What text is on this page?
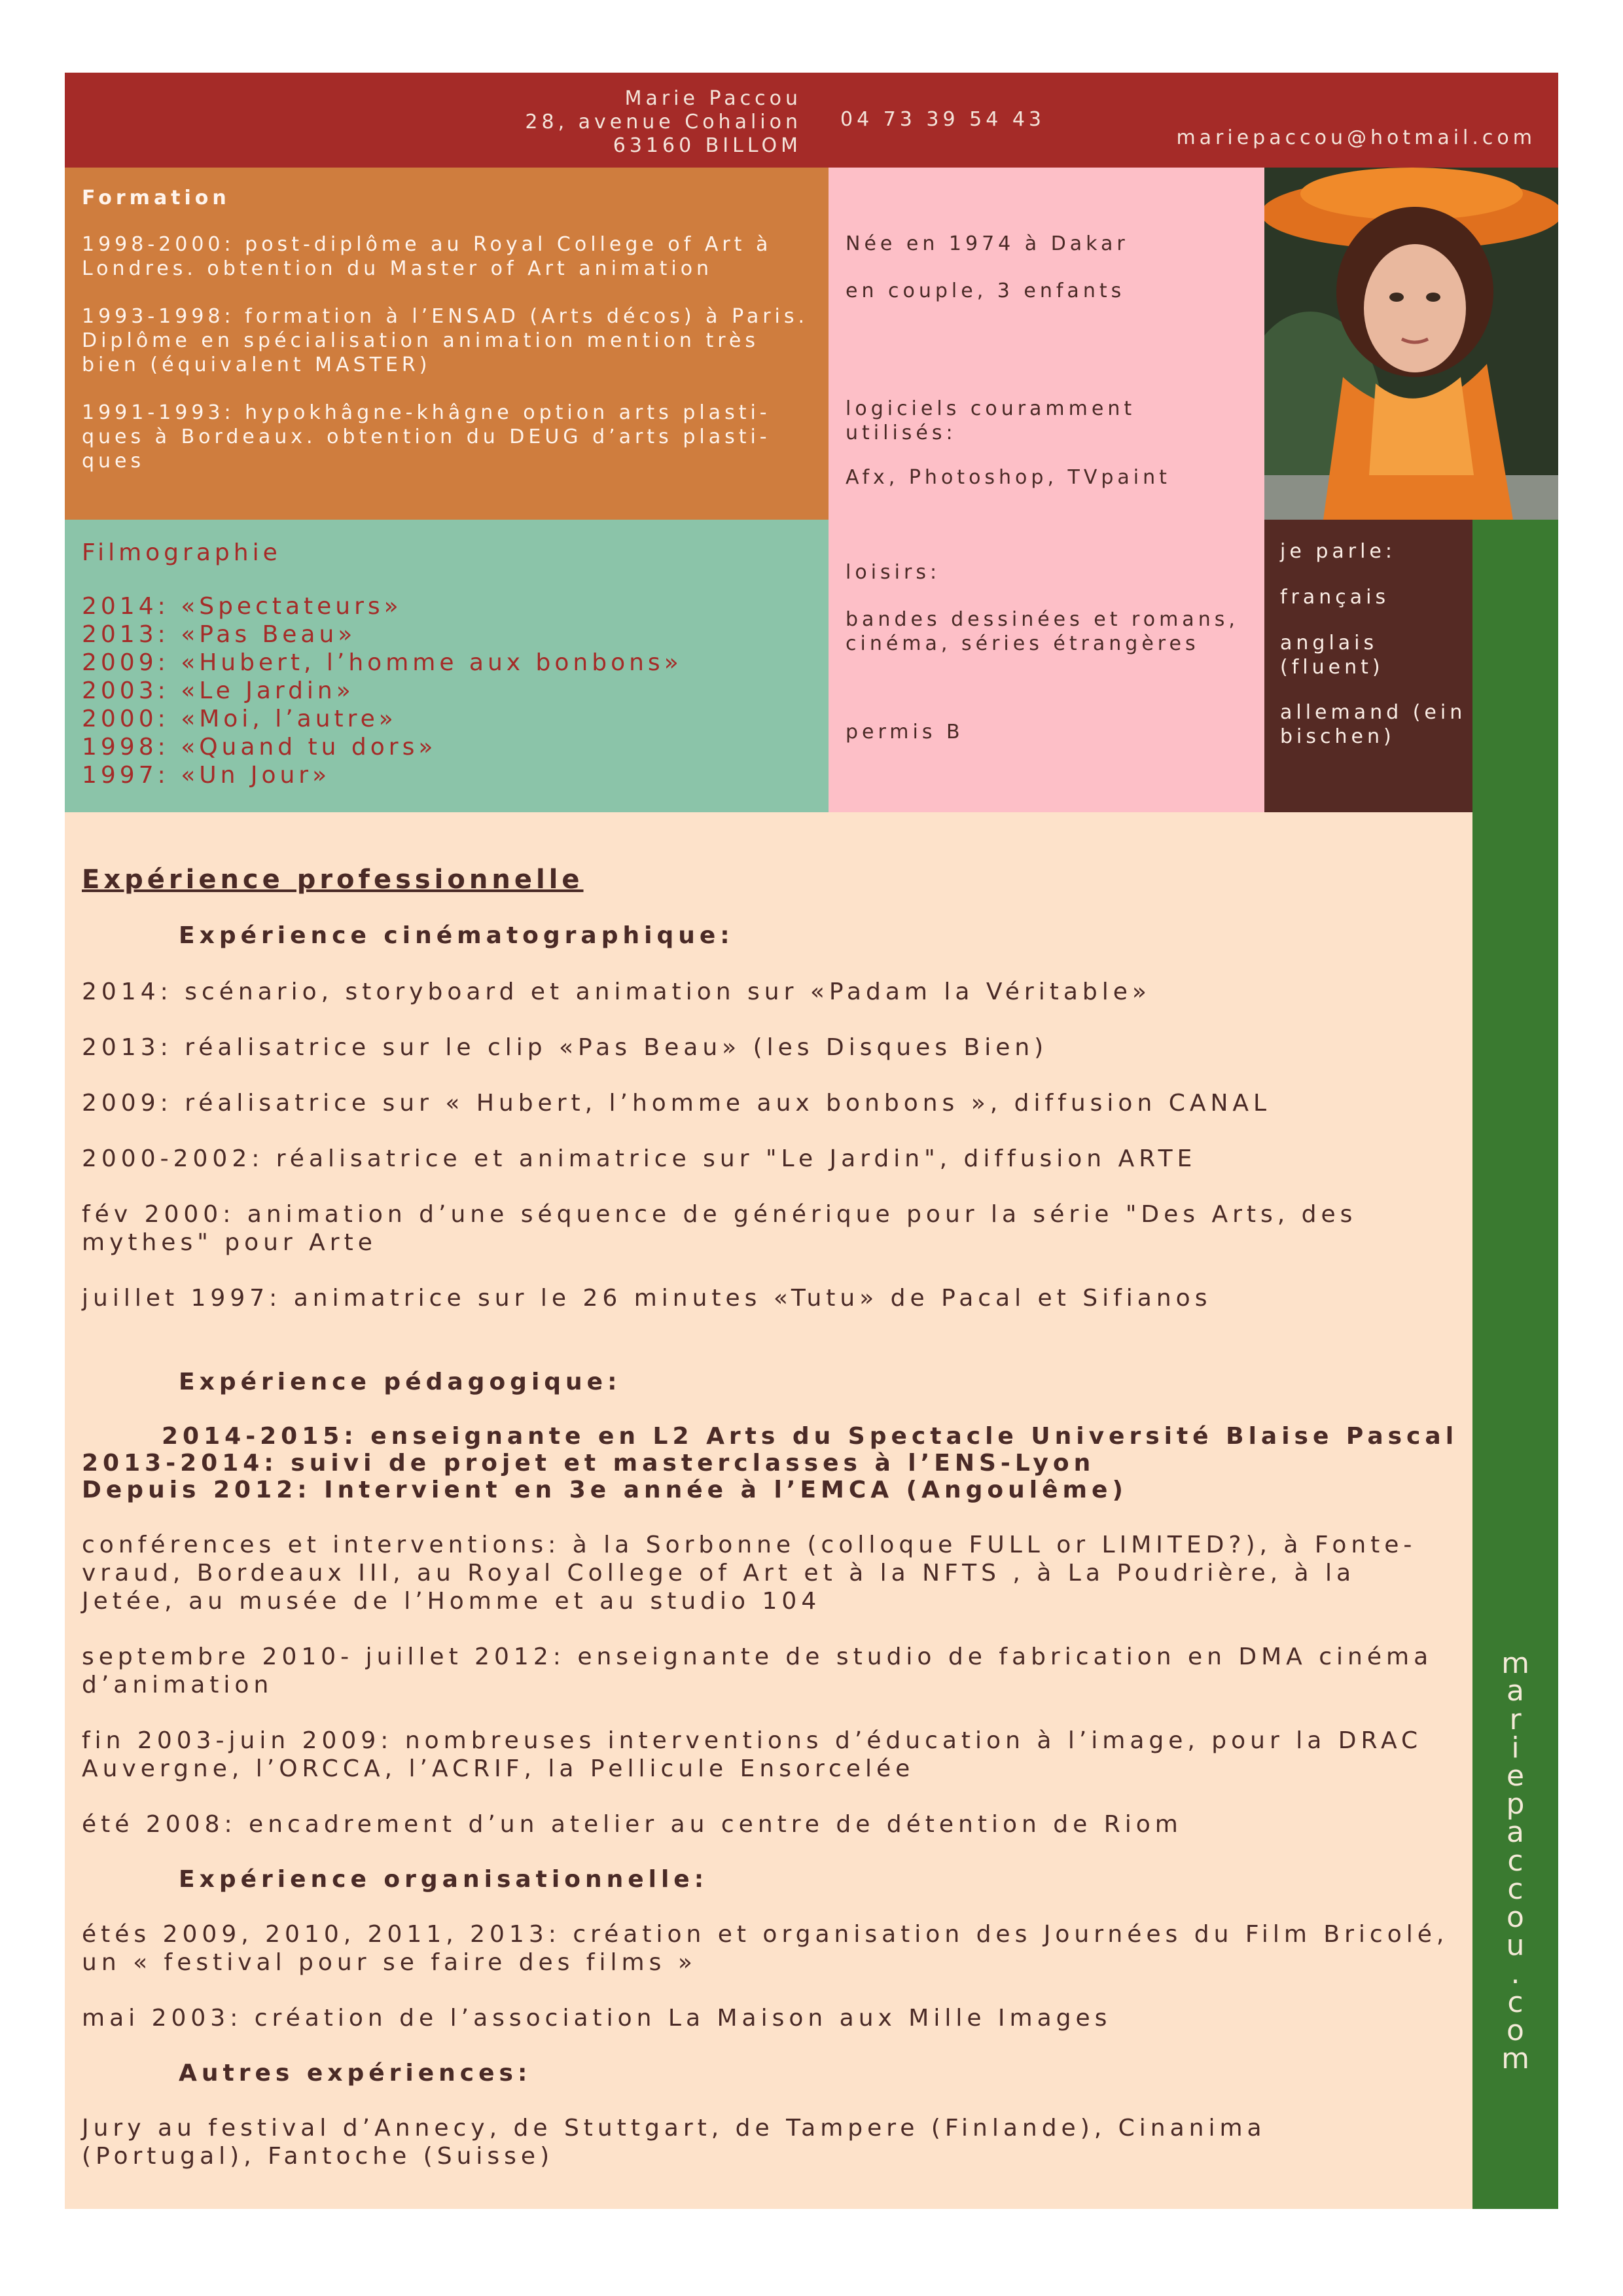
Marie Paccou
28, avenue Cohalion
63160 BILLOM
04 73 39 54 43
mariepaccou@hotmail.com
Formation
1998-2000: post-diplôme au Royal College of Art à Londres. obtention du Master of Art animation
1993-1998: formation à l’ENSAD (Arts décos) à Paris. Diplôme en spécialisation animation mention très bien (équivalent MASTER)
1991-1993: hypokhâgne-khâgne option arts plasti-ques à Bordeaux. obtention du DEUG d’arts plasti-ques
Née en 1974 à Dakar
en couple, 3 enfants
logiciels couramment utilisés:
Afx, Photoshop, TVpaint
Filmographie
2014: «Spectateurs»
2013: «Pas Beau»
2009: «Hubert, l’homme aux bonbons»
2003: «Le Jardin»
2000: «Moi, l’autre»
1998: «Quand tu dors»
1997: «Un Jour»
loisirs:
bandes dessinées et romans, cinéma, séries étrangères
permis B
je parle:
français
anglais (fluent)
allemand (ein bischen)
m
a
r
i
e
p
a
c
c
o
u
.
c
o
m
Expérience professionnelle
Expérience cinématographique:
2014: scénario, storyboard et animation sur «Padam la Véritable»
2013: réalisatrice sur le clip «Pas Beau» (les Disques Bien)
2009: réalisatrice sur « Hubert, l’homme aux bonbons », diffusion CANAL
2000-2002: réalisatrice et animatrice sur "Le Jardin", diffusion ARTE
fév 2000: animation d’une séquence de générique pour la série "Des Arts, des mythes" pour Arte
juillet 1997: animatrice sur le 26 minutes «Tutu» de Pacal et Sifianos
Expérience pédagogique:
2014-2015: enseignante en L2 Arts du Spectacle Université Blaise Pascal
2013-2014: suivi de projet et masterclasses à l’ENS-Lyon
Depuis 2012: Intervient en 3e année à l’EMCA (Angoulême)
conférences et interventions: à la Sorbonne (colloque FULL or LIMITED?), à Fonte-vraud, Bordeaux III, au Royal College of Art et à la NFTS , à La Poudrière, à la Jetée, au musée de l’Homme et au studio 104
septembre 2010- juillet 2012: enseignante de studio de fabrication en DMA cinéma d’animation
fin 2003-juin 2009: nombreuses interventions d’éducation à l’image, pour la DRAC Auvergne, l’ORCCA, l’ACRIF, la Pellicule Ensorcelée
été 2008: encadrement d’un atelier au centre de détention de Riom
Expérience organisationnelle:
étés 2009, 2010, 2011, 2013: création et organisation des Journées du Film Bricolé, un « festival pour se faire des films »
mai 2003: création de l’association La Maison aux Mille Images
Autres expériences:
Jury au festival d’Annecy, de Stuttgart, de Tampere (Finlande), Cinanima (Portugal), Fantoche (Suisse)
